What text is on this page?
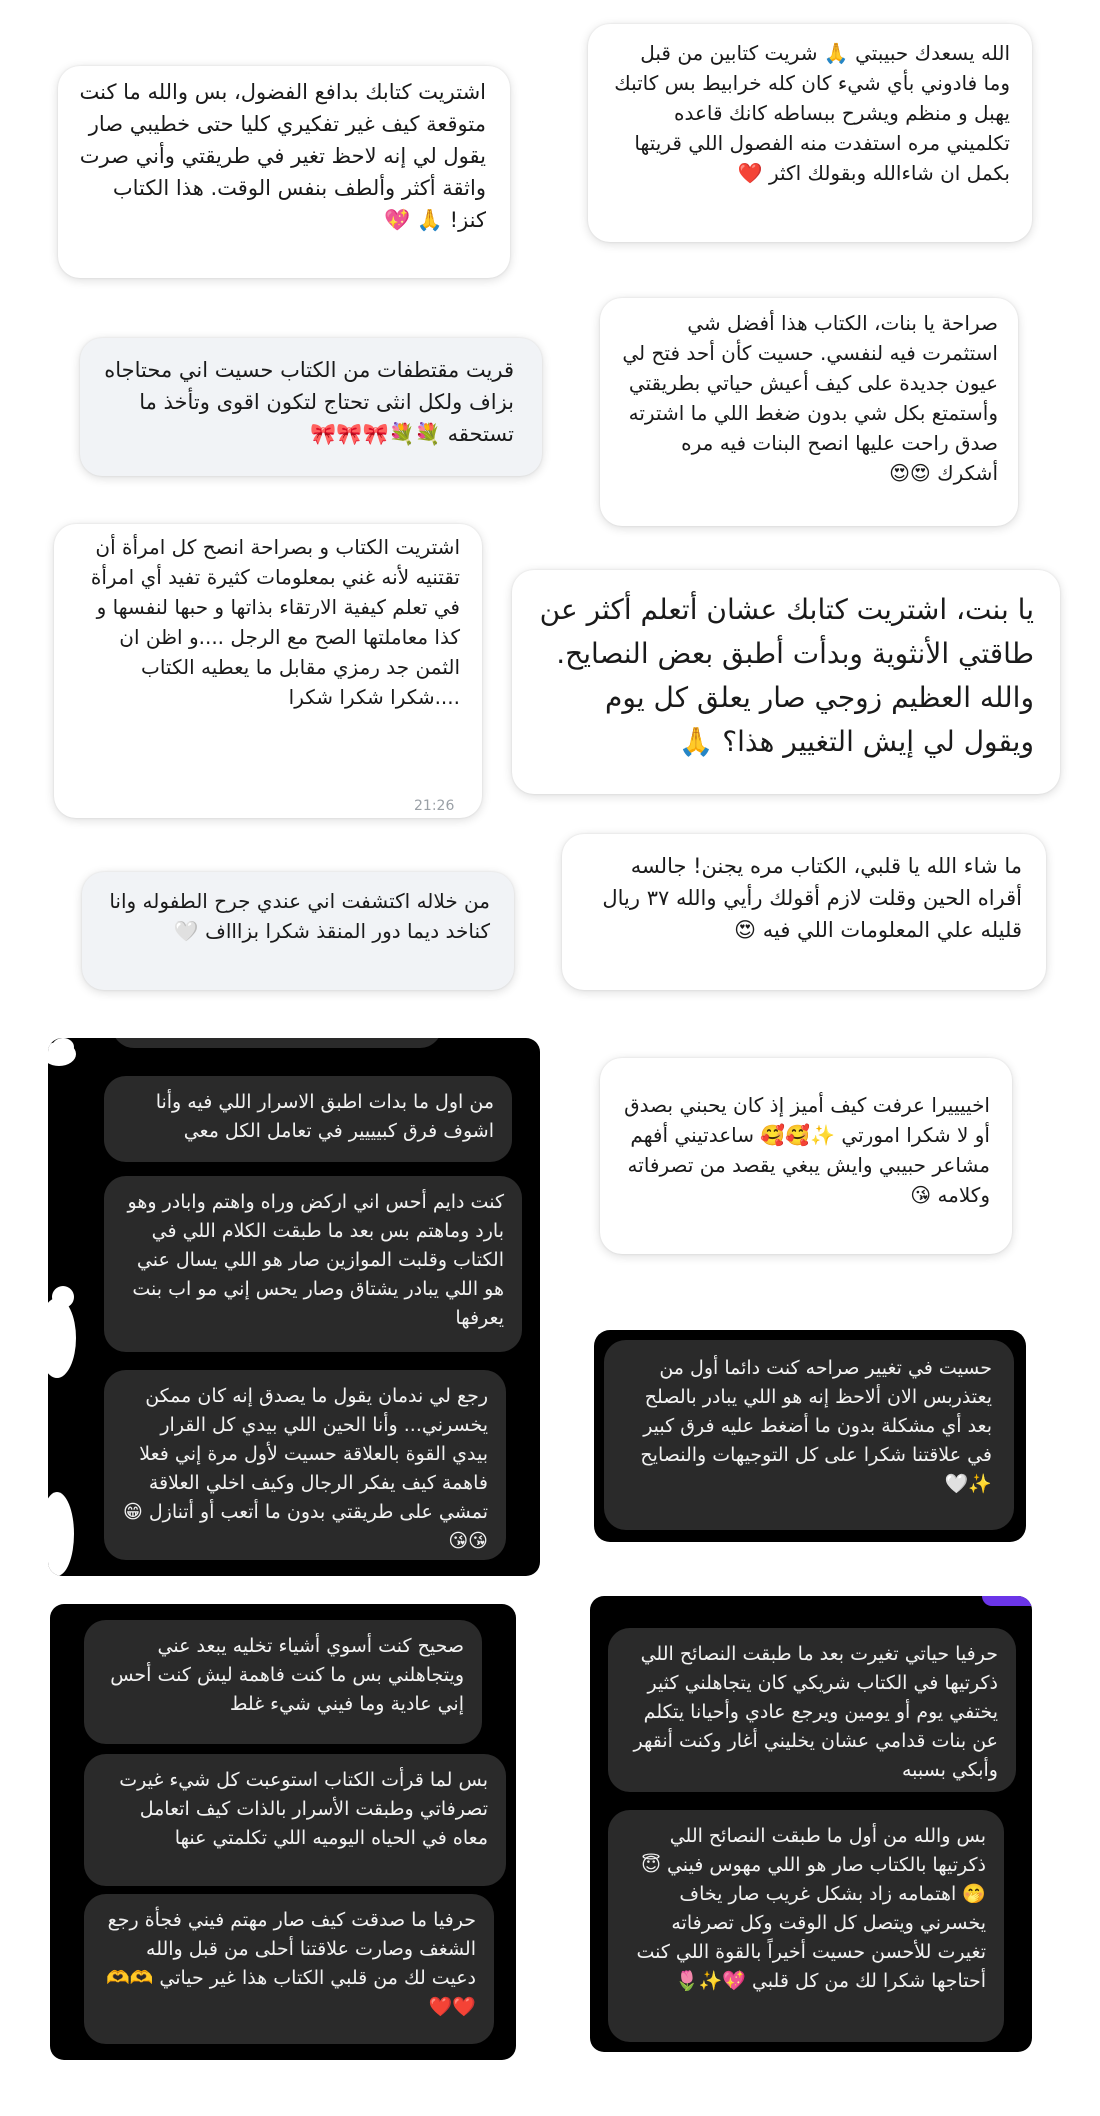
الله يسعدك حبيبتي 🙏 شريت كتابين من قبل وما فادوني بأي شيء كان كله خرابيط بس كاتبك يهبل و منظم ويشرح ببساطه كانك قاعده تكلميني مره استفدت منه الفصول اللي قريتها بكمل ان شاءالله وبقولك اكثر ❤️
اشتريت كتابك بدافع الفضول، بس والله ما كنت متوقعة كيف غير تفكيري كليا حتى خطيبي صار يقول لي إنه لاحظ تغير في طريقتي وأني صرت واثقة أكثر وألطف بنفس الوقت. هذا الكتاب كنز! 🙏 💖
صراحة يا بنات، الكتاب هذا أفضل شي استثمرت فيه لنفسي. حسيت كأن أحد فتح لي عيون جديدة على كيف أعيش حياتي بطريقتي وأستمتع بكل شي بدون ضغط اللي ما اشترته صدق راحت عليها انصح البنات فيه مره أشكرك 😍😍
قريت مقتطفات من الكتاب حسيت اني محتاجاه بزاف ولكل انثى تحتاج لتكون اقوى وتأخذ ما تستحقه 💐💐🎀🎀🎀
اشتريت الكتاب و بصراحة انصح كل امرأة أن تقتنيه لأنه غني بمعلومات كثيرة تفيد أي امرأة في تعلم كيفية الارتقاء بذاتها و حبها لنفسها و كذا معاملتها الصح مع الرجل ....و اظن ان الثمن جد رمزي مقابل ما يعطيه الكتاب ....شكرا شكرا شكرا
21:26
يا بنت، اشتريت كتابك عشان أتعلم أكثر عن طاقتي الأنثوية وبدأت أطبق بعض النصايح. والله العظيم زوجي صار يعلق كل يوم ويقول لي إيش التغيير هذا؟ 🙏
ما شاء الله يا قلبي، الكتاب مره يجنن! جالسه أقراه الحين وقلت لازم أقولك رأيي والله ٣٧ ريال قليله علي المعلومات اللي فيه 😍
من خلاله اكتشفت اني عندي جرح الطفوله وانا كناخد ديما دور المنقذ شكرا بزاااف 🤍
من اول ما بدات اطبق الاسرار اللي فيه وأنا اشوف فرق كبيييير في تعامل الكل معي
كنت دايم أحس اني اركض وراه واهتم وابادر وهو بارد وماهتم بس بعد ما طبقت الكلام اللي في الكتاب وقلبت الموازين صار هو اللي يسال عني هو اللي يبادر يشتاق وصار يحس إني مو اب بنت يعرفها
رجع لي ندمان يقول ما يصدق إنه كان ممكن يخسرني... وأنا الحين اللي بيدي كل القرار بيدي القوة بالعلاقة حسيت لأول مرة إني فعلا فاهمة كيف يفكر الرجال وكيف اخلي العلاقة تمشي على طريقتي بدون ما أتعب أو أتنازل 😁😘😘
اخييييرا عرفت كيف أميز إذ كان يحبني بصدق أو لا شكرا امورتي ✨🥰🥰 ساعدتيني أفهم مشاعر حبيبي وايش يبغي يقصد من تصرفاته وكلامه 😘
حسيت في تغيير صراحه كنت دائما أول من يعتذربس الان ألاحظ إنه هو اللي يبادر بالصلح بعد أي مشكلة بدون ما أضغط عليه فرق كبير في علاقتنا شكرا على كل التوجيهات والنصايح ✨🤍
صحيح كنت أسوي أشياء تخليه يبعد عني ويتجاهلني بس ما كنت فاهمة ليش كنت أحس إني عادية وما فيني شيء غلط
بس لما قرأت الكتاب استوعبت كل شيء غيرت تصرفاتي وطبقت الأسرار بالذات كيف اتعامل معاه في الحياه اليوميه اللي تكلمتي عنها
حرفيا ما صدقت كيف صار مهتم فيني فجأة رجع الشغف وصارت علاقتنا أحلى من قبل والله دعيت لك من قلبي الكتاب هذا غير حياتي 🫶🫶❤️❤️
حرفيا حياتي تغيرت بعد ما طبقت النصائح اللي ذكرتيها في الكتاب شريكي كان يتجاهلني كثير يختفي يوم أو يومين ويرجع عادي وأحيانا يتكلم عن بنات قدامي عشان يخليني أغار وكنت أنقهر وأبكي بسببه
بس والله من أول ما طبقت النصائح اللي ذكرتيها بالكتاب صار هو اللي مهوس فيني 😇🤭 اهتمامه زاد بشكل غريب صار يخاف يخسرني ويتصل كل الوقت وكل تصرفاته تغيرت للأحسن حسيت أخيراً بالقوة اللي كنت أحتاجها شكرا لك من كل قلبي 💖✨🌷
